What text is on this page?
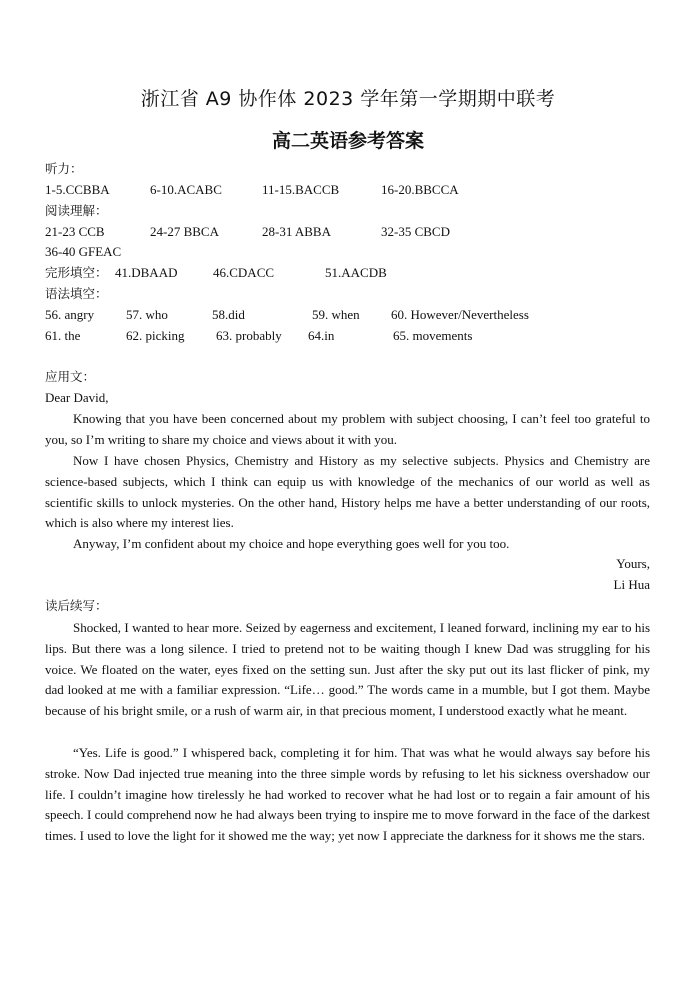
浙江省 A9 协作体 2023 学年第一学期期中联考
高二英语参考答案
听力：
1-5.CCBBA	6-10.ACABC	11-15.BACCB	16-20.BBCCA
阅读理解：
21-23 CCB	24-27 BBCA	28-31 ABBA	32-35 CBCD
36-40 GFEAC
完形填空： 41.DBAAD	46.CDACC	51.AACDB
语法填空：
56. angry 57. who	58.did	59. when 60. However/Nevertheless
61. the	62. picking 63. probably 64.in	65. movements
应用文：
Dear David,

Knowing that you have been concerned about my problem with subject choosing, I can’t feel too grateful to you, so I’m writing to share my choice and views about it with you.

Now I have chosen Physics, Chemistry and History as my selective subjects. Physics and Chemistry are science-based subjects, which I think can equip us with knowledge of the mechanics of our world as well as scientific skills to unlock mysteries. On the other hand, History helps me have a better understanding of our roots, which is also where my interest lies.

Anyway, I’m confident about my choice and hope everything goes well for you too.

Yours,
Li Hua
读后续写：

Shocked, I wanted to hear more. Seized by eagerness and excitement, I leaned forward, inclining my ear to his lips. But there was a long silence. I tried to pretend not to be waiting though I knew Dad was struggling for his voice. We floated on the water, eyes fixed on the setting sun. Just after the sky put out its last flicker of pink, my dad looked at me with a familiar expression. “Life… good.” The words came in a mumble, but I got them. Maybe because of his bright smile, or a rush of warm air, in that precious moment, I understood exactly what he meant.

“Yes. Life is good.” I whispered back, completing it for him. That was what he would always say before his stroke. Now Dad injected true meaning into the three simple words by refusing to let his sickness overshadow our life. I couldn’t imagine how tirelessly he had worked to recover what he had lost or to regain a fair amount of his speech. I could comprehend now he had always been trying to inspire me to move forward in the face of the darkest times. I used to love the light for it showed me the way; yet now I appreciate the darkness for it shows me the stars.
